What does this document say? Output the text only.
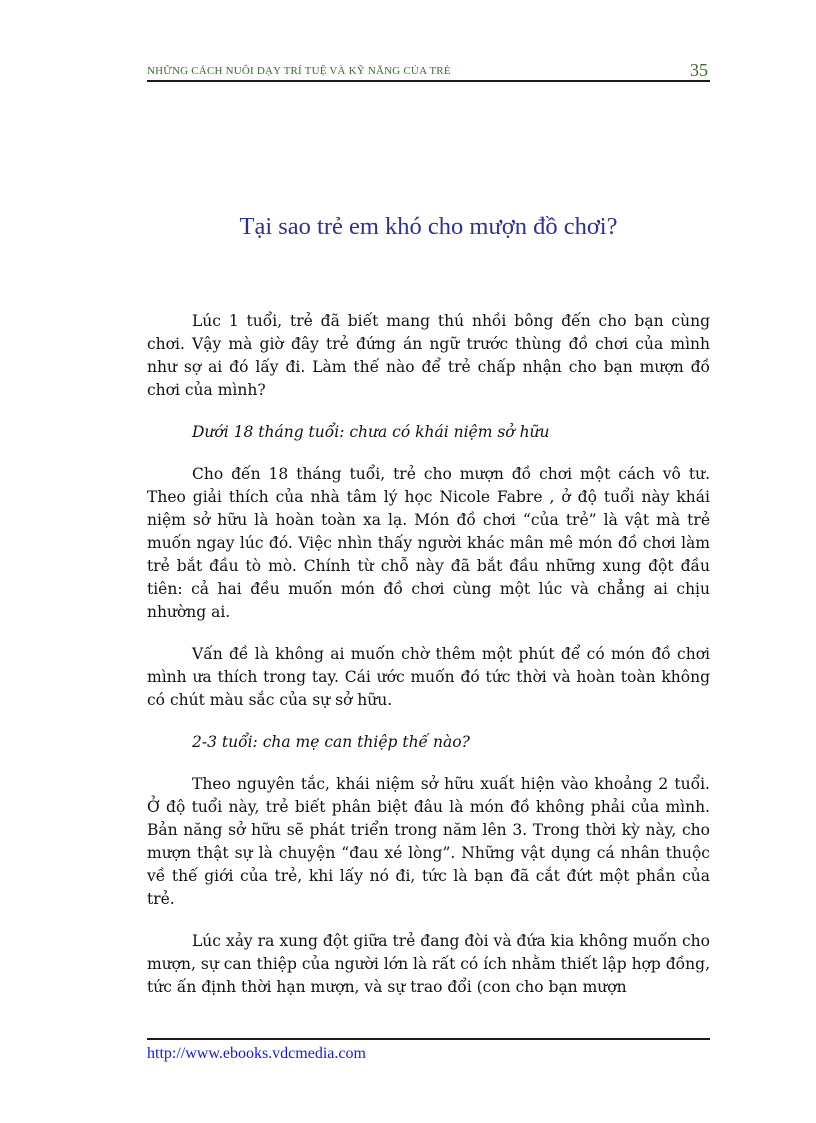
NHỮNG CÁCH NUÔI DẠY TRÍ TUỆ VÀ KỸ NĂNG CỦA TRẺ	35
Tại sao trẻ em khó cho mượn đồ chơi?

Lúc 1 tuổi, trẻ đã biết mang thú nhồi bông đến cho bạn cùng chơi. Vậy mà giờ đây trẻ đứng án ngữ trước thùng đồ chơi của mình như sợ ai đó lấy đi. Làm thế nào để trẻ chấp nhận cho bạn mượn đồ chơi của mình?

Dưới 18 tháng tuổi: chưa có khái niệm sở hữu

Cho đến 18 tháng tuổi, trẻ cho mượn đồ chơi một cách vô tư. Theo giải thích của nhà tâm lý học Nicole Fabre , ở độ tuổi này khái niệm sở hữu là hoàn toàn xa lạ. Món đồ chơi “của trẻ” là vật mà trẻ muốn ngay lúc đó. Việc nhìn thấy người khác mân mê món đồ chơi làm trẻ bắt đầu tò mò. Chính từ chỗ này đã bắt đầu những xung đột đầu tiên: cả hai đều muốn món đồ chơi cùng một lúc và chẳng ai chịu nhường ai.

Vấn đề là không ai muốn chờ thêm một phút để có món đồ chơi mình ưa thích trong tay. Cái ước muốn đó tức thời và hoàn toàn không có chút màu sắc của sự sở hữu.

2-3 tuổi: cha mẹ can thiệp thế nào?

Theo nguyên tắc, khái niệm sở hữu xuất hiện vào khoảng 2 tuổi. Ở độ tuổi này, trẻ biết phân biệt đâu là món đồ không phải của mình. Bản năng sở hữu sẽ phát triển trong năm lên 3. Trong thời kỳ này, cho mượn thật sự là chuyện “đau xé lòng”. Những vật dụng cá nhân thuộc về thế giới của trẻ, khi lấy nó đi, tức là bạn đã cắt đứt một phần của trẻ.

Lúc xảy ra xung đột giữa trẻ đang đòi và đứa kia không muốn cho mượn, sự can thiệp của người lớn là rất có ích nhằm thiết lập hợp đồng, tức ấn định thời hạn mượn, và sự trao đổi (con cho bạn mượn

http://www.ebooks.vdcmedia.com
